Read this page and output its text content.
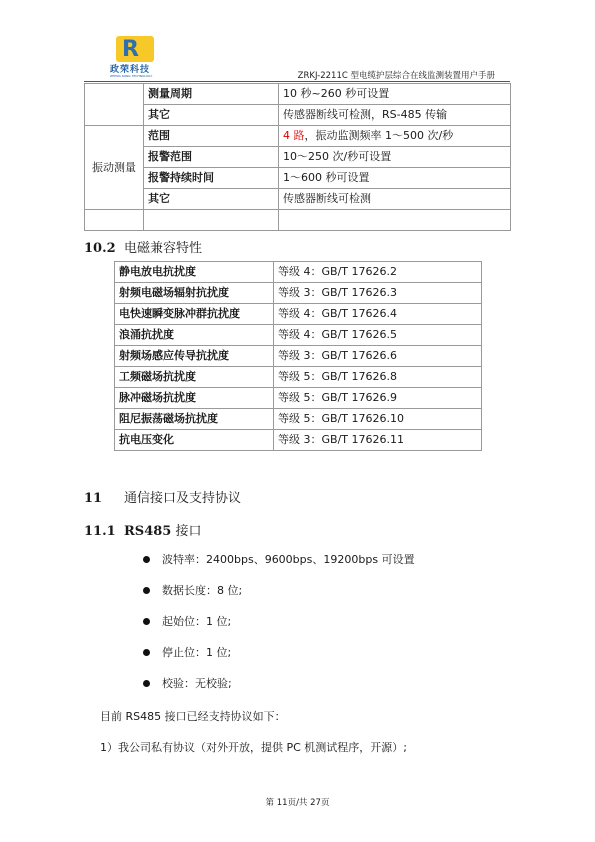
R
政荣科技
ZHENG RONG TECHNOLOGY	ZRKJ-2211C 型电缆护层综合在线监测装置用户手册
	测量周期	10 秒~260 秒可设置
	其它	传感器断线可检测，RS-485 传输
振动测量	范围	4 路，振动监测频率 1～500 次/秒
	报警范围	10～250 次/秒可设置
	报警持续时间	1～600 秒可设置
	其它	传感器断线可检测

10.2 电磁兼容特性
静电放电抗扰度	等级 4：GB/T 17626.2
射频电磁场辐射抗扰度	等级 3：GB/T 17626.3
电快速瞬变脉冲群抗扰度	等级 4：GB/T 17626.4
浪涌抗扰度	等级 4：GB/T 17626.5
射频场感应传导抗扰度	等级 3：GB/T 17626.6
工频磁场抗扰度	等级 5：GB/T 17626.8
脉冲磁场抗扰度	等级 5：GB/T 17626.9
阻尼振荡磁场抗扰度	等级 5：GB/T 17626.10
抗电压变化	等级 3：GB/T 17626.11
11 通信接口及支持协议
11.1 RS485 接口
波特率：2400bps、9600bps、19200bps 可设置
数据长度：8 位;
起始位：1 位;
停止位：1 位;
校验：无校验;
目前 RS485 接口已经支持协议如下：
1）我公司私有协议（对外开放，提供 PC 机测试程序，开源）;
第 11页/共 27页
